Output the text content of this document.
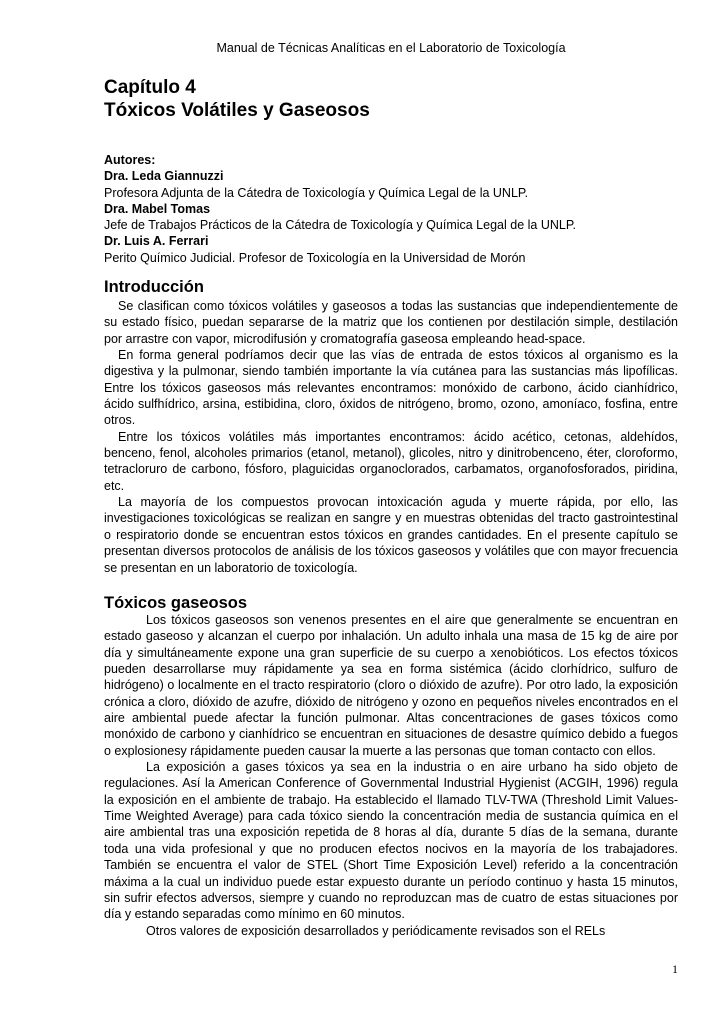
Manual de Técnicas Analíticas en el Laboratorio de Toxicología
Capítulo 4
Tóxicos Volátiles y Gaseosos
Autores:
Dra. Leda Giannuzzi
Profesora Adjunta de la Cátedra de Toxicología y Química Legal de la UNLP.
Dra. Mabel Tomas
Jefe de Trabajos Prácticos de la Cátedra de Toxicología y Química Legal de la UNLP.
Dr. Luis A. Ferrari
Perito Químico Judicial. Profesor de Toxicología en la Universidad de Morón
Introducción

Se clasifican como tóxicos volátiles y gaseosos a todas las sustancias que independientemente de su estado físico, puedan separarse de la matriz que los contienen por destilación simple, destilación por arrastre con vapor, microdifusión y cromatografía gaseosa empleando head-space.

En forma general podríamos decir que las vías de entrada de estos tóxicos al organismo es la digestiva y la pulmonar, siendo también importante la vía cutánea para las sustancias más lipofílicas. Entre los tóxicos gaseosos más relevantes encontramos: monóxido de carbono, ácido cianhídrico, ácido sulfhídrico, arsina, estibidina, cloro, óxidos de nitrógeno, bromo, ozono, amoníaco, fosfina, entre otros.

Entre los tóxicos volátiles más importantes encontramos: ácido acético, cetonas, aldehídos, benceno, fenol, alcoholes primarios (etanol, metanol), glicoles, nitro y dinitrobenceno, éter, cloroformo, tetracloruro de carbono, fósforo, plaguicidas organoclorados, carbamatos, organofosforados, piridina, etc.

La mayoría de los compuestos provocan intoxicación aguda y muerte rápida, por ello, las investigaciones toxicológicas se realizan en sangre y en muestras obtenidas del tracto gastrointestinal o respiratorio donde se encuentran estos tóxicos en grandes cantidades. En el presente capítulo se presentan diversos protocolos de análisis de los tóxicos gaseosos y volátiles que con mayor frecuencia se presentan en un laboratorio de toxicología.

Tóxicos gaseosos

Los tóxicos gaseosos son venenos presentes en el aire que generalmente se encuentran en estado gaseoso y alcanzan el cuerpo por inhalación. Un adulto inhala una masa de 15 kg de aire por día y simultáneamente expone una gran superficie de su cuerpo a xenobióticos. Los efectos tóxicos pueden desarrollarse muy rápidamente ya sea en forma sistémica (ácido clorhídrico, sulfuro de hidrógeno) o localmente en el tracto respiratorio (cloro o dióxido de azufre). Por otro lado, la exposición crónica a cloro, dióxido de azufre, dióxido de nitrógeno y ozono en pequeños niveles encontrados en el aire ambiental puede afectar la función pulmonar. Altas concentraciones de gases tóxicos como monóxido de carbono y cianhídrico se encuentran en situaciones de desastre químico debido a fuegos o explosionesy rápidamente pueden causar la muerte a las personas que toman contacto con ellos.

La exposición a gases tóxicos ya sea en la industria o en aire urbano ha sido objeto de regulaciones. Así la American Conference of Governmental Industrial Hygienist (ACGIH, 1996) regula la exposición en el ambiente de trabajo. Ha establecido el llamado TLV-TWA (Threshold Limit Values-Time Weighted Average) para cada tóxico siendo la concentración media de sustancia química en el aire ambiental tras una exposición repetida de 8 horas al día, durante 5 días de la semana, durante toda una vida profesional y que no producen efectos nocivos en la mayoría de los trabajadores. También se encuentra el valor de STEL (Short Time Exposición Level) referido a la concentración máxima a la cual un individuo puede estar expuesto durante un período continuo y hasta 15 minutos, sin sufrir efectos adversos, siempre y cuando no reproduzcan mas de cuatro de estas situaciones por día y estando separadas como mínimo en 60 minutos.

Otros valores de exposición desarrollados y periódicamente revisados son el RELs

1
